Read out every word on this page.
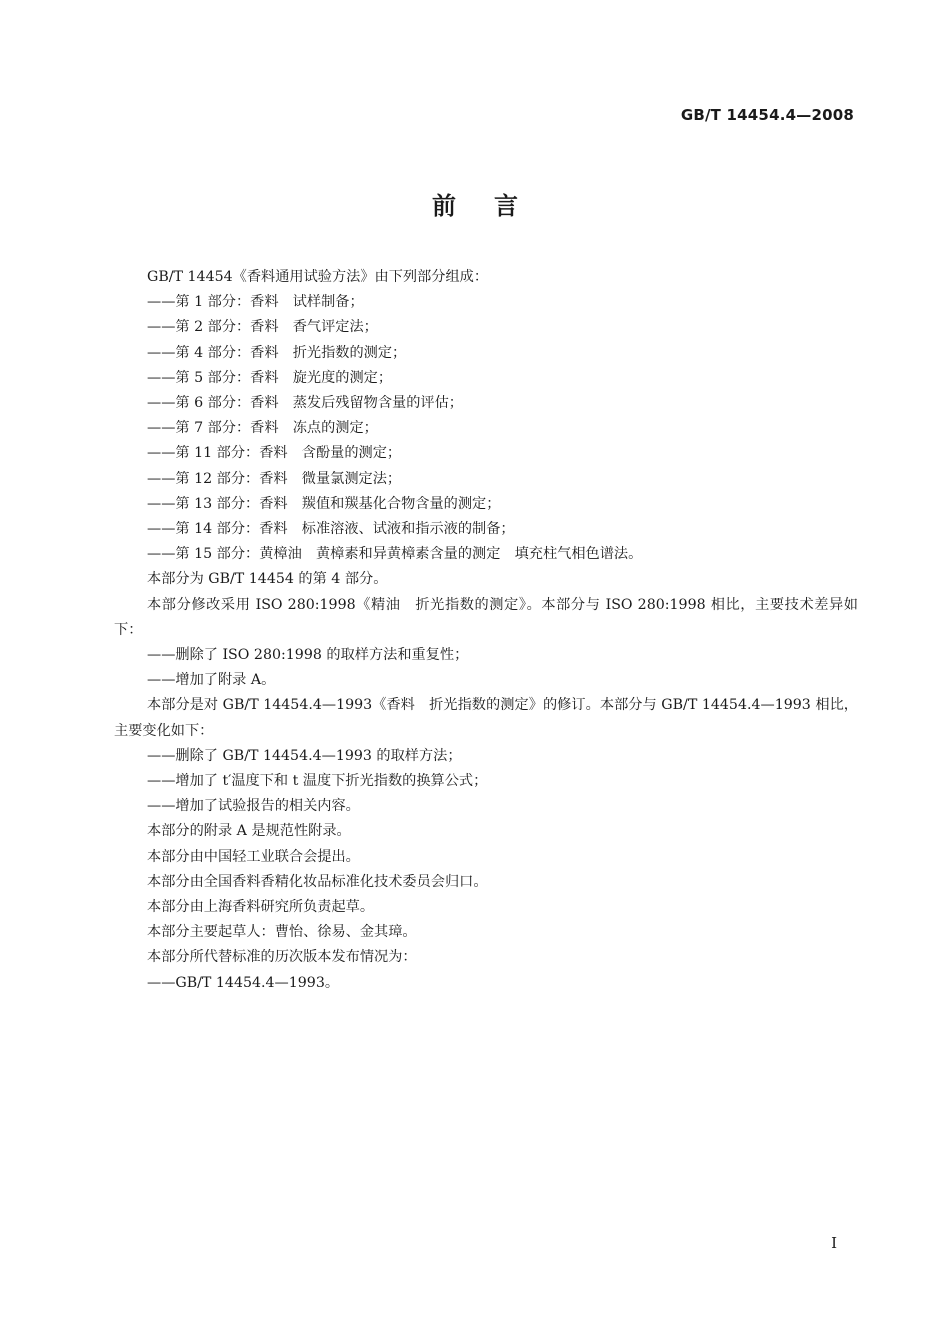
GB/T 14454.4—2008
前言

GB/T 14454《香料通用试验方法》由下列部分组成：

——第 1 部分：香料　试样制备；

——第 2 部分：香料　香气评定法；

——第 4 部分：香料　折光指数的测定；

——第 5 部分：香料　旋光度的测定；

——第 6 部分：香料　蒸发后残留物含量的评估；

——第 7 部分：香料　冻点的测定；

——第 11 部分：香料　含酚量的测定；

——第 12 部分：香料　微量氯测定法；

——第 13 部分：香料　羰值和羰基化合物含量的测定；

——第 14 部分：香料　标准溶液、试液和指示液的制备；

——第 15 部分：黄樟油　黄樟素和异黄樟素含量的测定　填充柱气相色谱法。

本部分为 GB/T 14454 的第 4 部分。

本部分修改采用 ISO 280:1998《精油　折光指数的测定》。本部分与 ISO 280:1998 相比，主要技术差异如下：

——删除了 ISO 280:1998 的取样方法和重复性；

——增加了附录 A。

本部分是对 GB/T 14454.4—1993《香料　折光指数的测定》的修订。本部分与 GB/T 14454.4—1993 相比，主要变化如下：

——删除了 GB/T 14454.4—1993 的取样方法；

——增加了 t′温度下和 t 温度下折光指数的换算公式；

——增加了试验报告的相关内容。

本部分的附录 A 是规范性附录。

本部分由中国轻工业联合会提出。

本部分由全国香料香精化妆品标准化技术委员会归口。

本部分由上海香料研究所负责起草。

本部分主要起草人：曹怡、徐易、金其璋。

本部分所代替标准的历次版本发布情况为：

——GB/T 14454.4—1993。

I
